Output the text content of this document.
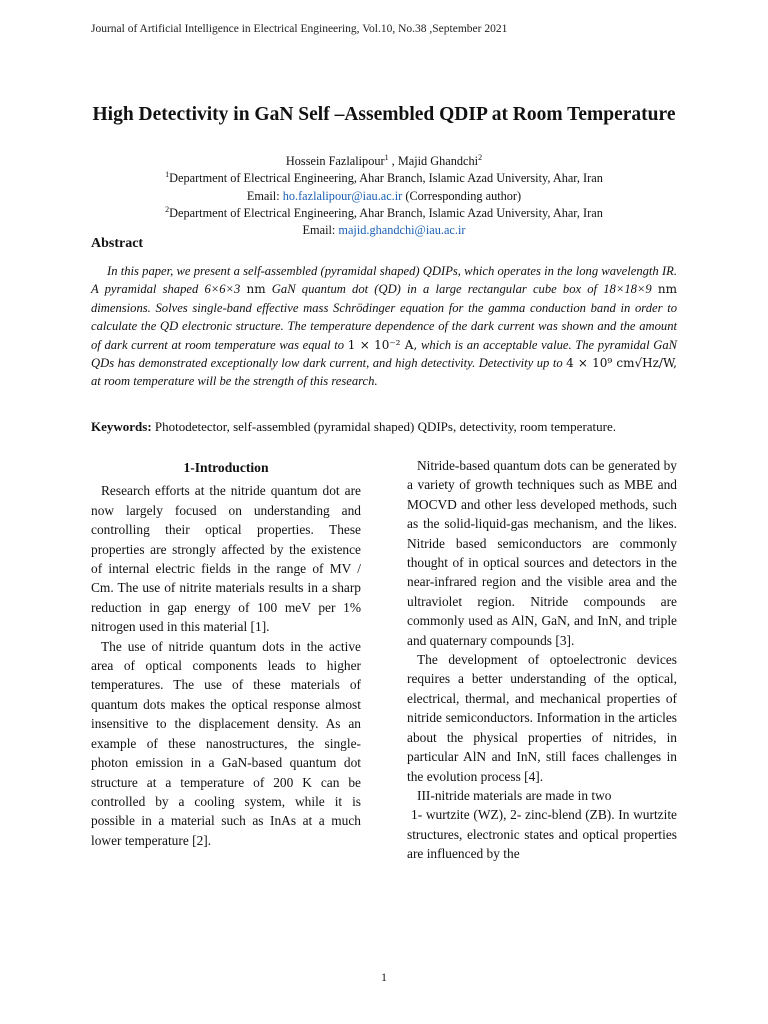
Journal of Artificial Intelligence in Electrical Engineering, Vol.10, No.38 ,September 2021
High Detectivity in GaN Self –Assembled QDIP at Room Temperature
Hossein Fazlalipour$^1$ , Majid Ghandchi$^2$
$^1$Department of Electrical Engineering, Ahar Branch, Islamic Azad University, Ahar, Iran
Email: ho.fazlalipour@iau.ac.ir (Corresponding author)
$^2$Department of Electrical Engineering, Ahar Branch, Islamic Azad University, Ahar, Iran
Email: majid.ghandchi@iau.ac.ir
Abstract
In this paper, we present a self-assembled (pyramidal shaped) QDIPs, which operates in the long wavelength IR. A pyramidal shaped 6×6×3 nm GaN quantum dot (QD) in a large rectangular cube box of 18×18×9 nm dimensions. Solves single-band effective mass Schrödinger equation for the gamma conduction band in order to calculate the QD electronic structure. The temperature dependence of the dark current was shown and the amount of dark current at room temperature was equal to 1 × 10⁻² A, which is an acceptable value. The pyramidal GaN QDs has demonstrated exceptionally low dark current, and high detectivity. Detectivity up to 4 × 10⁹ cm√Hz/W, at room temperature will be the strength of this research.
Keywords: Photodetector, self-assembled (pyramidal shaped) QDIPs, detectivity, room temperature.
1-Introduction

Research efforts at the nitride quantum dot are now largely focused on understanding and controlling their optical properties. These properties are strongly affected by the existence of internal electric fields in the range of MV / Cm. The use of nitrite materials results in a sharp reduction in gap energy of 100 meV per 1% nitrogen used in this material [1].

The use of nitride quantum dots in the active area of optical components leads to higher temperatures. The use of these materials of quantum dots makes the optical response almost insensitive to the displacement density. As an example of these nanostructures, the single-photon emission in a GaN-based quantum dot structure at a temperature of 200 K can be controlled by a cooling system, while it is possible in a material such as InAs at a much lower temperature [2].

Nitride-based quantum dots can be generated by a variety of growth techniques such as MBE and MOCVD and other less developed methods, such as the solid-liquid-gas mechanism, and the likes. Nitride based semiconductors are commonly thought of in optical sources and detectors in the near-infrared region and the visible area and the ultraviolet region. Nitride compounds are commonly used as AlN, GaN, and InN, and triple and quaternary compounds [3].

The development of optoelectronic devices requires a better understanding of the optical, electrical, thermal, and mechanical properties of nitride semiconductors. Information in the articles about the physical properties of nitrides, in particular AlN and InN, still faces challenges in the evolution process [4].

III-nitride materials are made in two

1- wurtzite (WZ), 2- zinc-blend (ZB). In wurtzite structures, electronic states and optical properties are influenced by the

1
